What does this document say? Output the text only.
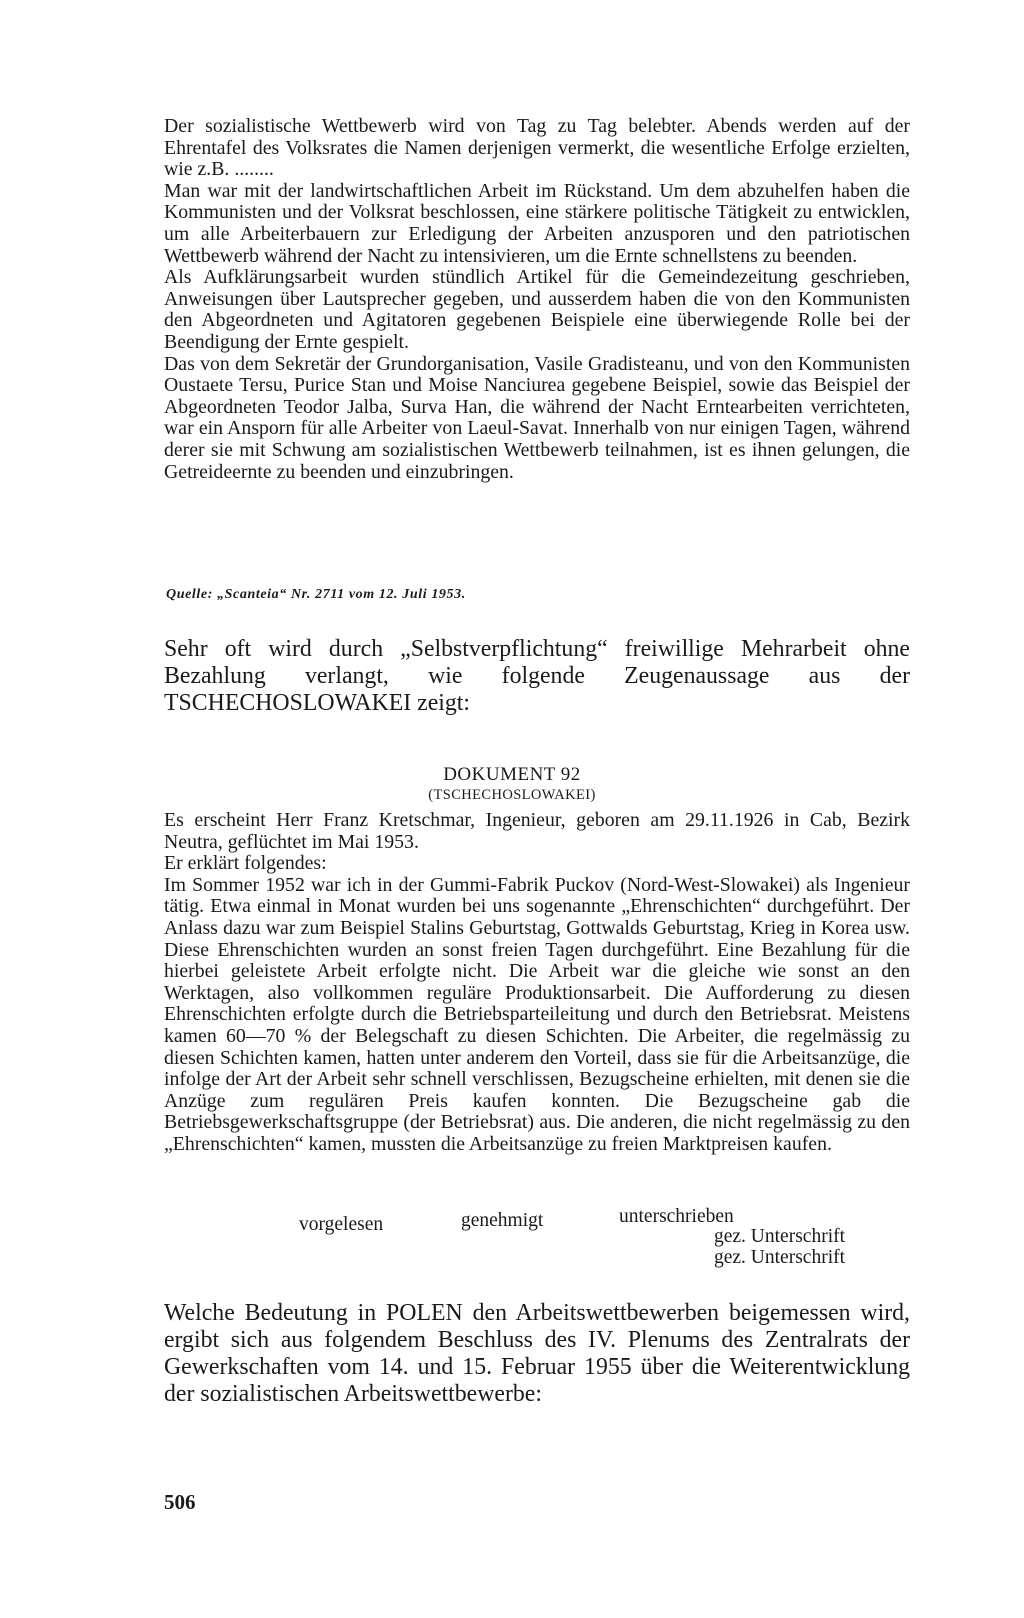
Der sozialistische Wettbewerb wird von Tag zu Tag belebter. Abends werden auf der Ehrentafel des Volksrates die Namen derjenigen vermerkt, die wesentliche Erfolge erzielten, wie z.B. ........

Man war mit der landwirtschaftlichen Arbeit im Rückstand. Um dem abzuhelfen haben die Kommunisten und der Volksrat beschlossen, eine stärkere politische Tätigkeit zu entwicklen, um alle Arbeiterbauern zur Erledigung der Arbeiten anzusporen und den patriotischen Wettbewerb während der Nacht zu intensivieren, um die Ernte schnellstens zu beenden.

Als Aufklärungsarbeit wurden stündlich Artikel für die Gemeindezeitung geschrieben, Anweisungen über Lautsprecher gegeben, und ausserdem haben die von den Kommunisten den Abgeordneten und Agitatoren gegebenen Beispiele eine überwiegende Rolle bei der Beendigung der Ernte gespielt.

Das von dem Sekretär der Grundorganisation, Vasile Gradisteanu, und von den Kommunisten Oustaete Tersu, Purice Stan und Moise Nanciurea gegebene Beispiel, sowie das Beispiel der Abgeordneten Teodor Jalba, Surva Han, die während der Nacht Erntearbeiten verrichteten, war ein Ansporn für alle Arbeiter von Laeul-Savat. Innerhalb von nur einigen Tagen, während derer sie mit Schwung am sozialistischen Wettbewerb teilnahmen, ist es ihnen gelungen, die Getreideernte zu beenden und einzubringen.

Quelle: „Scanteia“ Nr. 2711 vom 12. Juli 1953.

Sehr oft wird durch „Selbstverpflichtung“ freiwillige Mehrarbeit ohne Bezahlung verlangt, wie folgende Zeugenaussage aus der TSCHECHOSLOWAKEI zeigt:

DOKUMENT 92
(TSCHECHOSLOWAKEI)

Es erscheint Herr Franz Kretschmar, Ingenieur, geboren am 29.11.1926 in Cab, Bezirk Neutra, geflüchtet im Mai 1953.

Er erklärt folgendes:

Im Sommer 1952 war ich in der Gummi-Fabrik Puckov (Nord-West-Slowakei) als Ingenieur tätig. Etwa einmal in Monat wurden bei uns sogenannte „Ehrenschichten“ durchgeführt. Der Anlass dazu war zum Beispiel Stalins Geburtstag, Gottwalds Geburtstag, Krieg in Korea usw. Diese Ehrenschichten wurden an sonst freien Tagen durchgeführt. Eine Bezahlung für die hierbei geleistete Arbeit erfolgte nicht. Die Arbeit war die gleiche wie sonst an den Werktagen, also vollkommen reguläre Produktionsarbeit. Die Aufforderung zu diesen Ehrenschichten erfolgte durch die Betriebsparteileitung und durch den Betriebsrat. Meistens kamen 60—70 % der Belegschaft zu diesen Schichten. Die Arbeiter, die regelmässig zu diesen Schichten kamen, hatten unter anderem den Vorteil, dass sie für die Arbeitsanzüge, die infolge der Art der Arbeit sehr schnell verschlissen, Bezugscheine erhielten, mit denen sie die Anzüge zum regulären Preis kaufen konnten. Die Bezugscheine gab die Betriebsgewerkschaftsgruppe (der Betriebsrat) aus. Die anderen, die nicht regelmässig zu den „Ehrenschichten“ kamen, mussten die Arbeitsanzüge zu freien Marktpreisen kaufen.

vorgelesen	genehmigt	unterschrieben
gez. Unterschrift
gez. Unterschrift

Welche Bedeutung in POLEN den Arbeitswettbewerben beigemessen wird, ergibt sich aus folgendem Beschluss des IV. Plenums des Zentralrats der Gewerkschaften vom 14. und 15. Februar 1955 über die Weiterentwicklung der sozialistischen Arbeitswettbewerbe:

506
